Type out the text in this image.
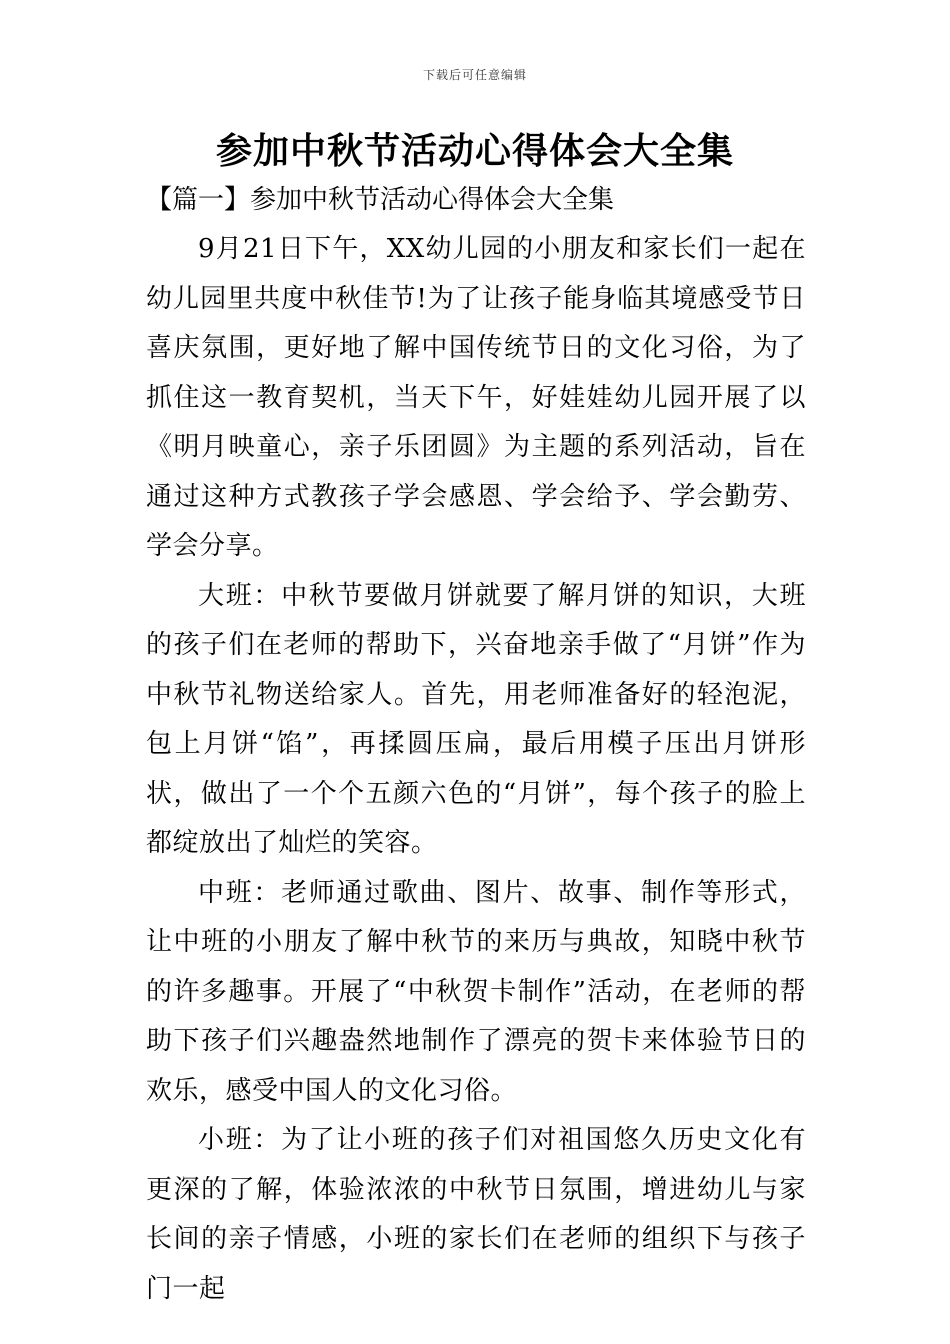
下载后可任意编辑
参加中秋节活动心得体会大全集

【篇一】参加中秋节活动心得体会大全集

9月21日下午，XX幼儿园的小朋友和家长们一起在幼儿园里共度中秋佳节!为了让孩子能身临其境感受节日喜庆氛围，更好地了解中国传统节日的文化习俗，为了抓住这一教育契机，当天下午，好娃娃幼儿园开展了以《明月映童心，亲子乐团圆》为主题的系列活动，旨在通过这种方式教孩子学会感恩、学会给予、学会勤劳、学会分享。

大班：中秋节要做月饼就要了解月饼的知识，大班的孩子们在老师的帮助下，兴奋地亲手做了“月饼”作为中秋节礼物送给家人。首先，用老师准备好的轻泡泥，包上月饼“馅”，再揉圆压扁，最后用模子压出月饼形状，做出了一个个五颜六色的“月饼”，每个孩子的脸上都绽放出了灿烂的笑容。

中班：老师通过歌曲、图片、故事、制作等形式，让中班的小朋友了解中秋节的来历与典故，知晓中秋节的许多趣事。开展了“中秋贺卡制作”活动，在老师的帮助下孩子们兴趣盎然地制作了漂亮的贺卡来体验节日的欢乐，感受中国人的文化习俗。

小班：为了让小班的孩子们对祖国悠久历史文化有更深的了解，体验浓浓的中秋节日氛围，增进幼儿与家长间的亲子情感，小班的家长们在老师的组织下与孩子门一起
